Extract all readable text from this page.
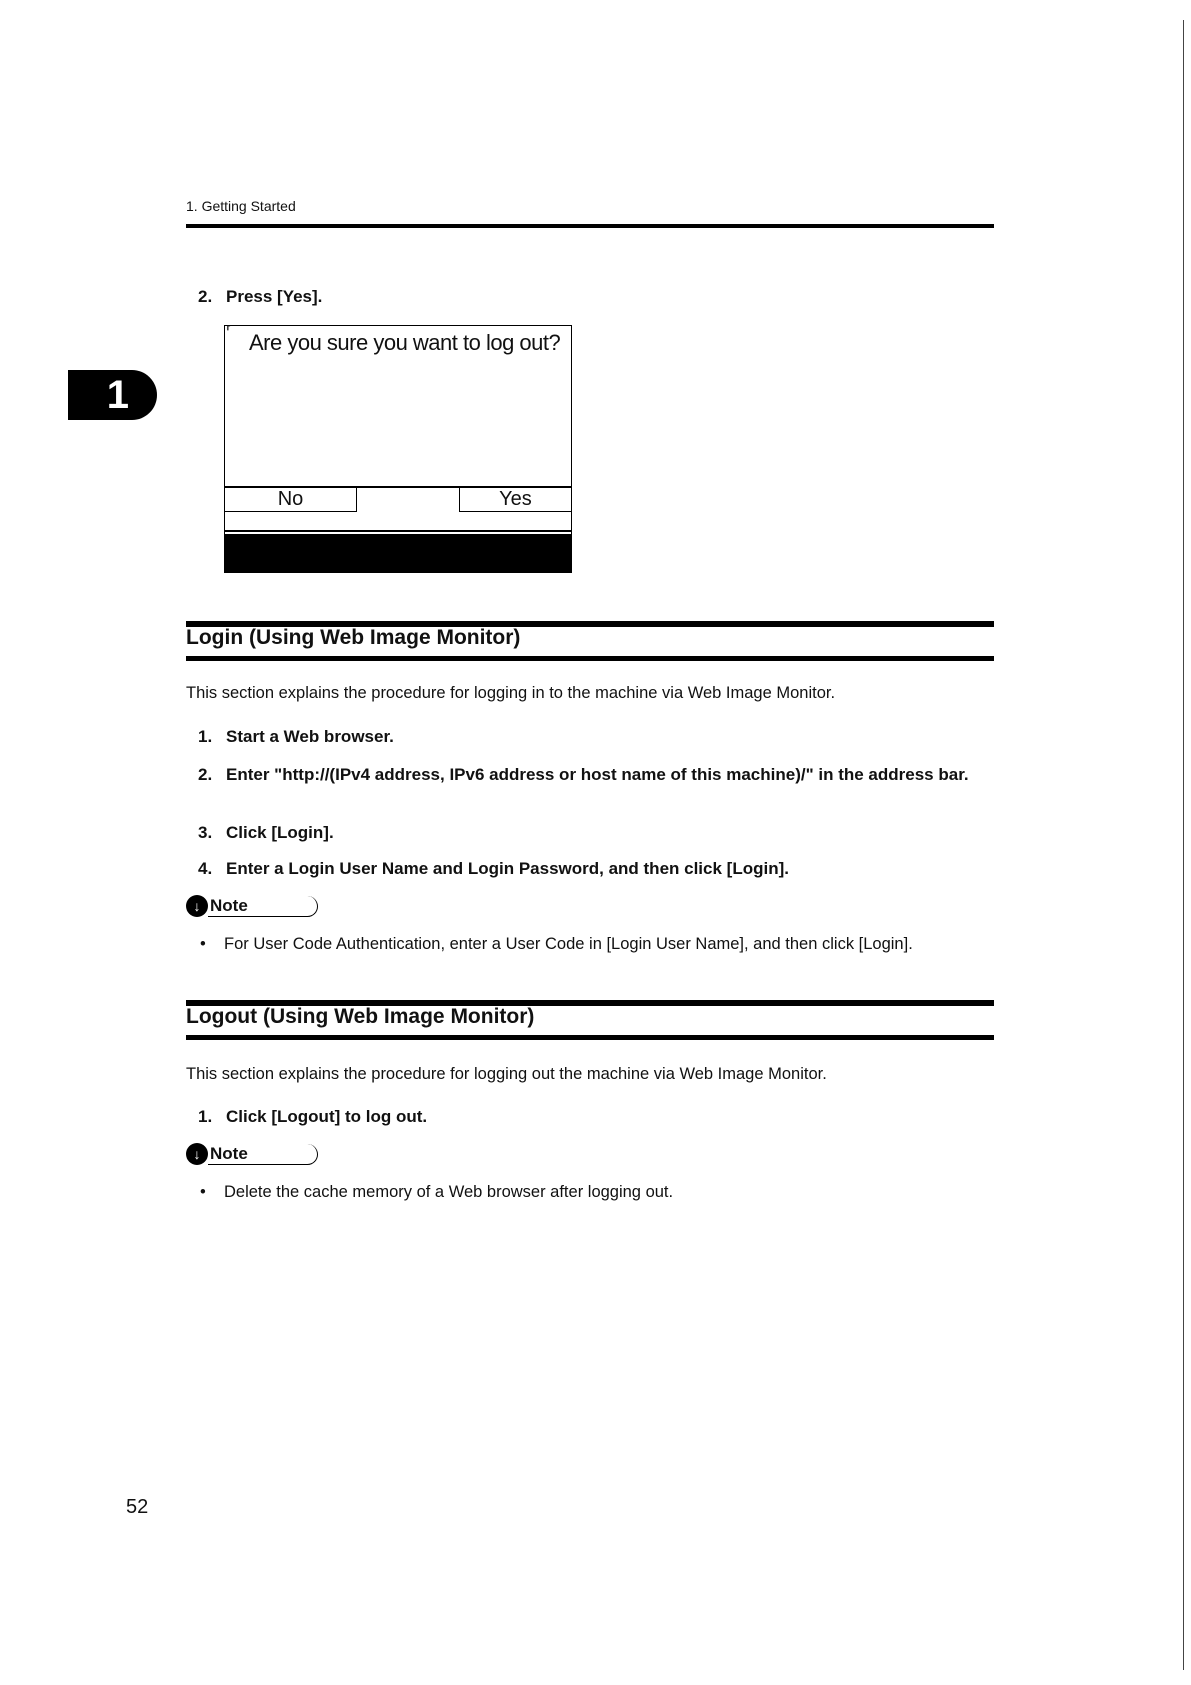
1. Getting Started
1
2. Press [Yes].
⸢ Are you sure you want to log out?
No	Yes
Login (Using Web Image Monitor)
This section explains the procedure for logging in to the machine via Web Image Monitor.
1. Start a Web browser.
2. Enter "http://(IPv4 address, IPv6 address or host name of this machine)/" in the address bar.
3. Click [Login].
4. Enter a Login User Name and Login Password, and then click [Login].
↓ Note
• For User Code Authentication, enter a User Code in [Login User Name], and then click [Login].
Logout (Using Web Image Monitor)
This section explains the procedure for logging out the machine via Web Image Monitor.
1. Click [Logout] to log out.
↓ Note
• Delete the cache memory of a Web browser after logging out.
52
